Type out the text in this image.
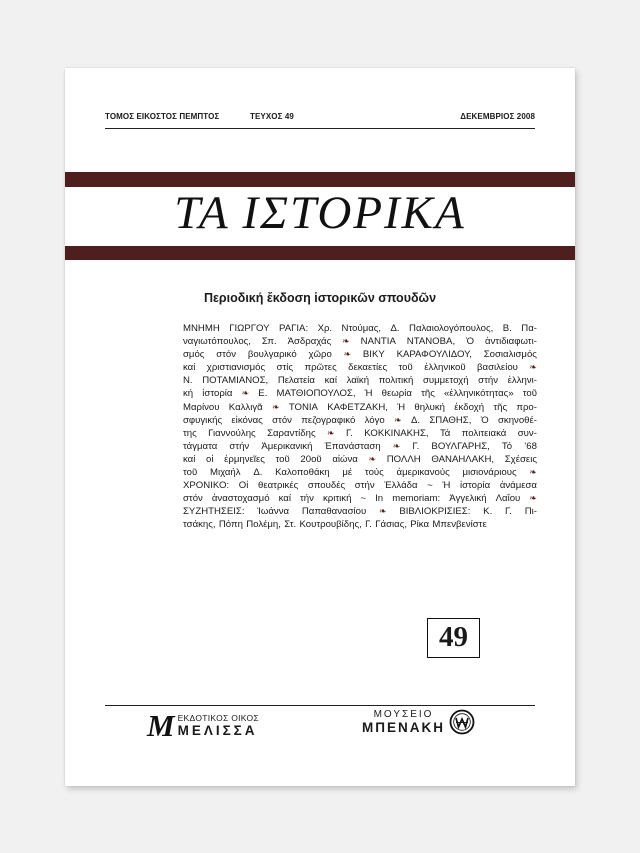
ΤΟΜΟΣ ΕΙΚΟΣΤΟΣ ΠΕΜΠΤΟΣ	ΤΕΥΧΟΣ 49	ΔΕΚΕΜΒΡΙΟΣ 2008
ΤΑ ΙΣΤΟΡΙΚΑ
Περιοδική ἔκδοση ἱστορικῶν σπουδῶν
ΜΝΗΜΗ ΓΙΩΡΓΟΥ ΡΑΓΙΑ: Χρ. Ντούμας, Δ. Παλαιολογόπουλος, Β. Πα-
ναγιωτόπουλος, Σπ. Ἀσδραχάς ❧ ΝΑΝΤΙΑ ΝΤΑΝΟΒΑ, Ὁ ἀντιδιαφωτι-
σμός στόν βουλγαρικό χῶρο ❧ ΒΙΚΥ ΚΑΡΑΦΟΥΛΙΔΟΥ, Σοσιαλισμός
καί χριστιανισμός στίς πρῶτες δεκαετίες τοῦ ἑλληνικοῦ βασιλείου ❧
Ν. ΠΟΤΑΜΙΑΝΟΣ, Πελατεία καί λαϊκή πολιτική συμμετοχή στήν ἑλληνι-
κή ἱστορία ❧ Ε. ΜΑΤΘΙΟΠΟΥΛΟΣ, Ἡ θεωρία τῆς «ἑλληνικότητας» τοῦ
Μαρίνου Καλλιγᾶ ❧ ΤΟΝΙΑ ΚΑΦΕΤΖΑΚΗ, Ἡ θηλυκή ἐκδοχή τῆς προ-
σφυγικής εἰκόνας στόν πεζογραφικό λόγο ❧ Δ. ΣΠΑΘΗΣ, Ὁ σκηνοθέ-
της Γιαννούλης Σαραντίδης ❧ Γ. ΚΟΚΚΙΝΑΚΗΣ, Τά πολιτειακά συν-
τάγματα στήν Ἀμερικανική Ἐπανάσταση ❧ Γ. ΒΟΥΛΓΑΡΗΣ, Τό ’68
καί οἱ ἑρμηνεῖες τοῦ 20οῦ αἰώνα ❧ ΠΟΛΛΗ ΘΑΝΑΗΛΑΚΗ, Σχέσεις
τοῦ Μιχαήλ Δ. Καλοποθάκη μέ τούς ἀμερικανούς μισιονάριους ❧
ΧΡΟΝΙΚΟ: Οἱ θεατρικές σπουδές στήν Ἑλλάδα ~ Ἡ ἱστορία ἀνάμεσα
στόν ἀναστοχασμό καί τήν κριτική ~ In memoriam: Ἀγγελική Λαΐου ❧
ΣΥΖΗΤΗΣΕΙΣ: Ἰωάννα Παπαθανασίου ❧ ΒΙΒΛΙΟΚΡΙΣΙΕΣ: Κ. Γ. Πι-
τσάκης, Πόπη Πολέμη, Στ. Κουτρουβίδης, Γ. Γάσιας, Ρίκα Μπενβενίστε
49
M ΕΚΔΟΤΙΚΟΣ ΟΙΚΟΣ
ΜΕΛΙΣΣΑ
ΜΟΥΣΕΙΟ
ΜΠΕΝΑΚΗ
